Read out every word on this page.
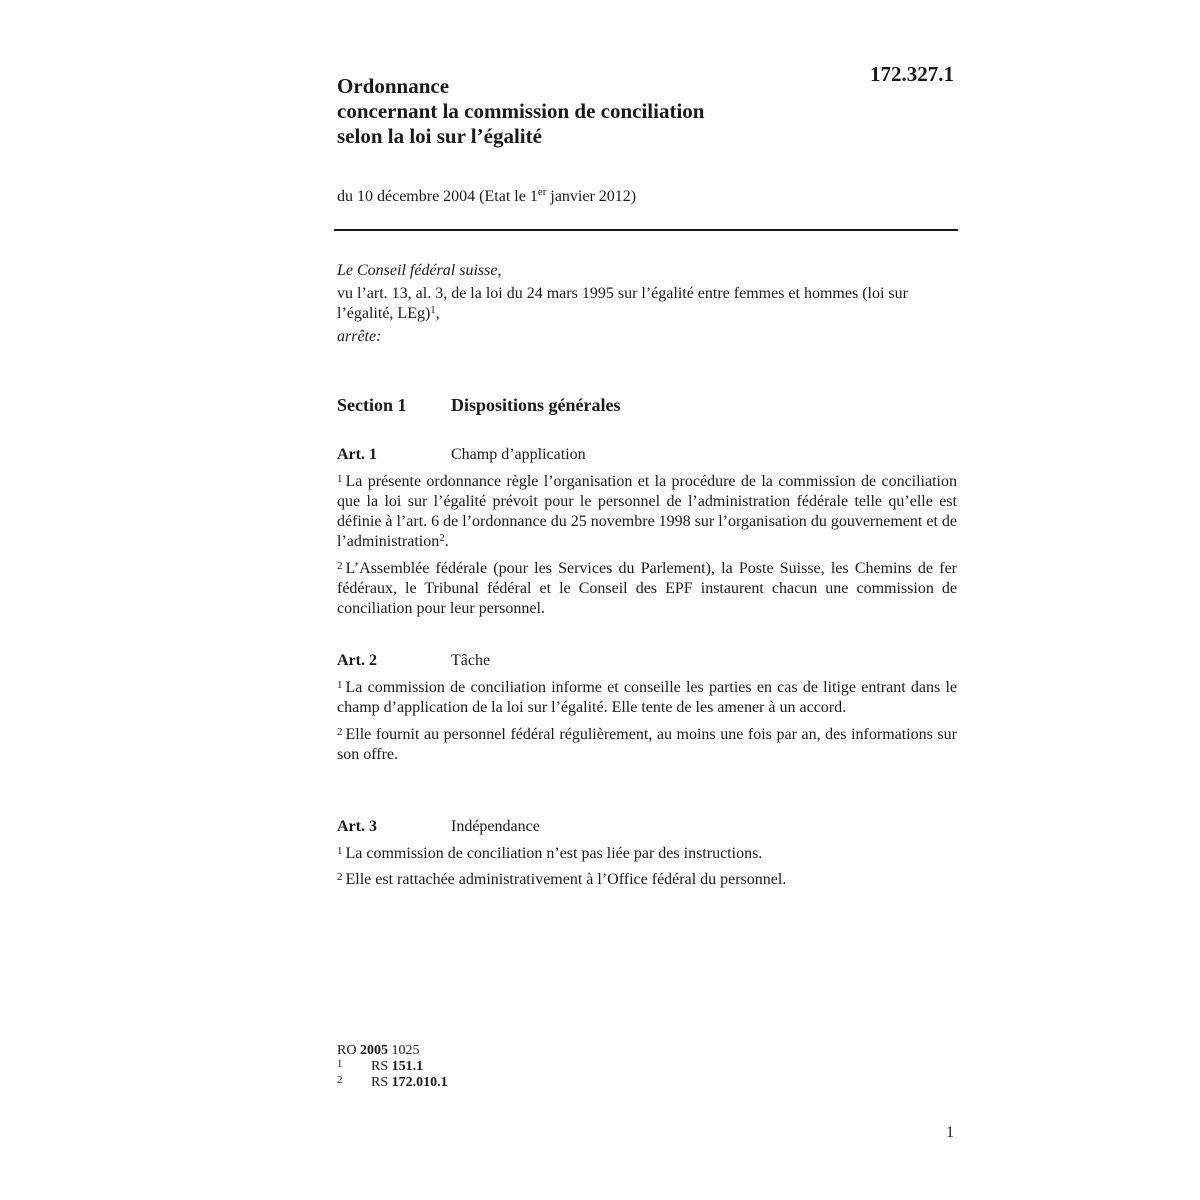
172.327.1

Ordonnance
concernant la commission de conciliation
selon la loi sur l’égalité

du 10 décembre 2004 (Etat le 1er janvier 2012)

Le Conseil fédéral suisse,

vu l’art. 13, al. 3, de la loi du 24 mars 1995 sur l’égalité entre femmes et hommes (loi sur l’égalité, LEg)$^1$,

arrête:

Section 1 Dispositions générales

Art. 1	Champ d’application

$^1$ La présente ordonnance règle l’organisation et la procédure de la commission de conciliation que la loi sur l’égalité prévoit pour le personnel de l’administration fédérale telle qu’elle est définie à l’art. 6 de l’ordonnance du 25 novembre 1998 sur l’organisation du gouvernement et de l’administration$^2$.

$^2$ L’Assemblée fédérale (pour les Services du Parlement), la Poste Suisse, les Chemins de fer fédéraux, le Tribunal fédéral et le Conseil des EPF instaurent chacun une commission de conciliation pour leur personnel.

Art. 2	Tâche

$^1$ La commission de conciliation informe et conseille les parties en cas de litige entrant dans le champ d’application de la loi sur l’égalité. Elle tente de les amener à un accord.

$^2$ Elle fournit au personnel fédéral régulièrement, au moins une fois par an, des informations sur son offre.

Art. 3	Indépendance

$^1$ La commission de conciliation n’est pas liée par des instructions.

$^2$ Elle est rattachée administrativement à l’Office fédéral du personnel.

RO 2005 1025

1 RS 151.1

2 RS 172.010.1

1
